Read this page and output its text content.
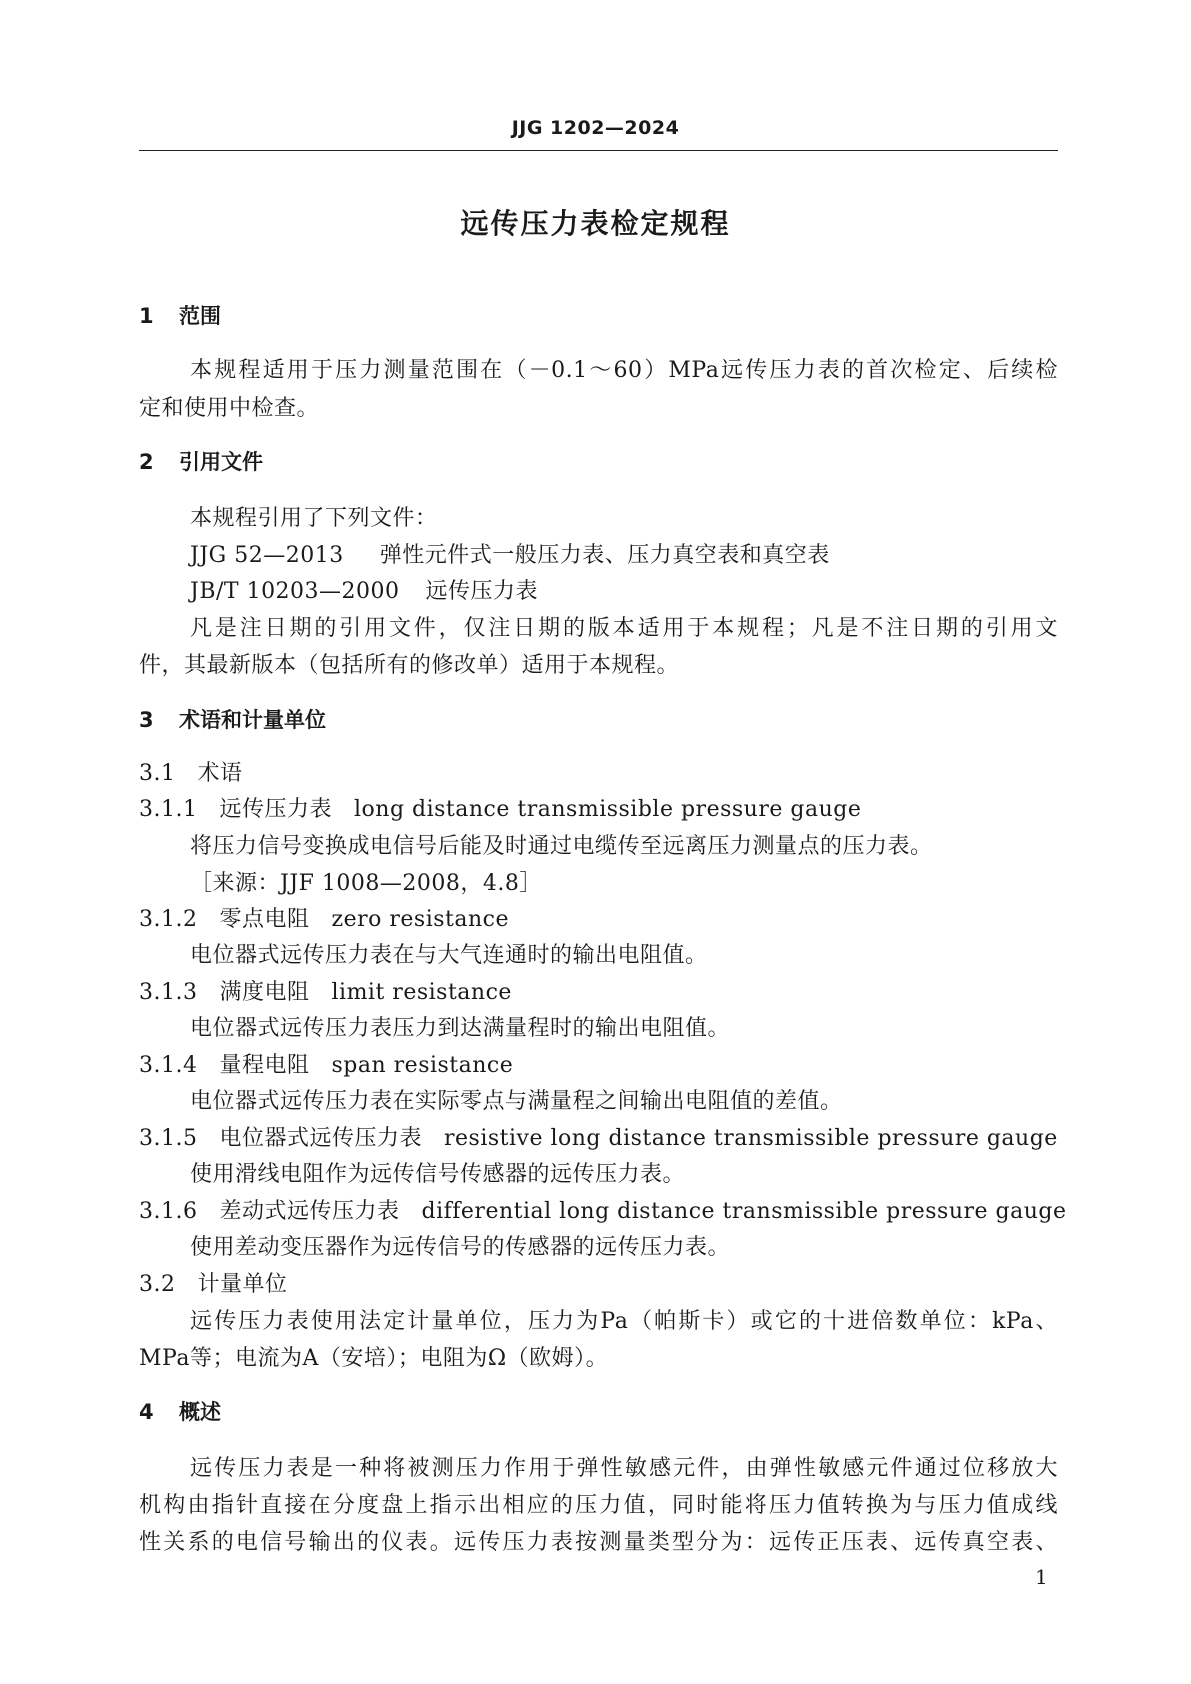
JJG 1202—2024
远传压力表检定规程
1 范围
本规程适用于压力测量范围在（－0.1～60）MPa远传压力表的首次检定、后续检
定和使用中检查。
2 引用文件
本规程引用了下列文件：
JJG 52—2013 弹性元件式一般压力表、压力真空表和真空表
JB/T 10203—2000 远传压力表
凡是注日期的引用文件，仅注日期的版本适用于本规程；凡是不注日期的引用文
件，其最新版本（包括所有的修改单）适用于本规程。
3 术语和计量单位
3.1 术语
3.1.1 远传压力表 long distance transmissible pressure gauge
将压力信号变换成电信号后能及时通过电缆传至远离压力测量点的压力表。
［来源：JJF 1008—2008，4.8］
3.1.2 零点电阻 zero resistance
电位器式远传压力表在与大气连通时的输出电阻值。
3.1.3 满度电阻 limit resistance
电位器式远传压力表压力到达满量程时的输出电阻值。
3.1.4 量程电阻 span resistance
电位器式远传压力表在实际零点与满量程之间输出电阻值的差值。
3.1.5 电位器式远传压力表 resistive long distance transmissible pressure gauge
使用滑线电阻作为远传信号传感器的远传压力表。
3.1.6 差动式远传压力表 differential long distance transmissible pressure gauge
使用差动变压器作为远传信号的传感器的远传压力表。
3.2 计量单位
远传压力表使用法定计量单位，压力为Pa（帕斯卡）或它的十进倍数单位：kPa、
MPa等；电流为A（安培）；电阻为Ω（欧姆）。
4 概述
远传压力表是一种将被测压力作用于弹性敏感元件，由弹性敏感元件通过位移放大
机构由指针直接在分度盘上指示出相应的压力值，同时能将压力值转换为与压力值成线
性关系的电信号输出的仪表。远传压力表按测量类型分为：远传正压表、远传真空表、
1
